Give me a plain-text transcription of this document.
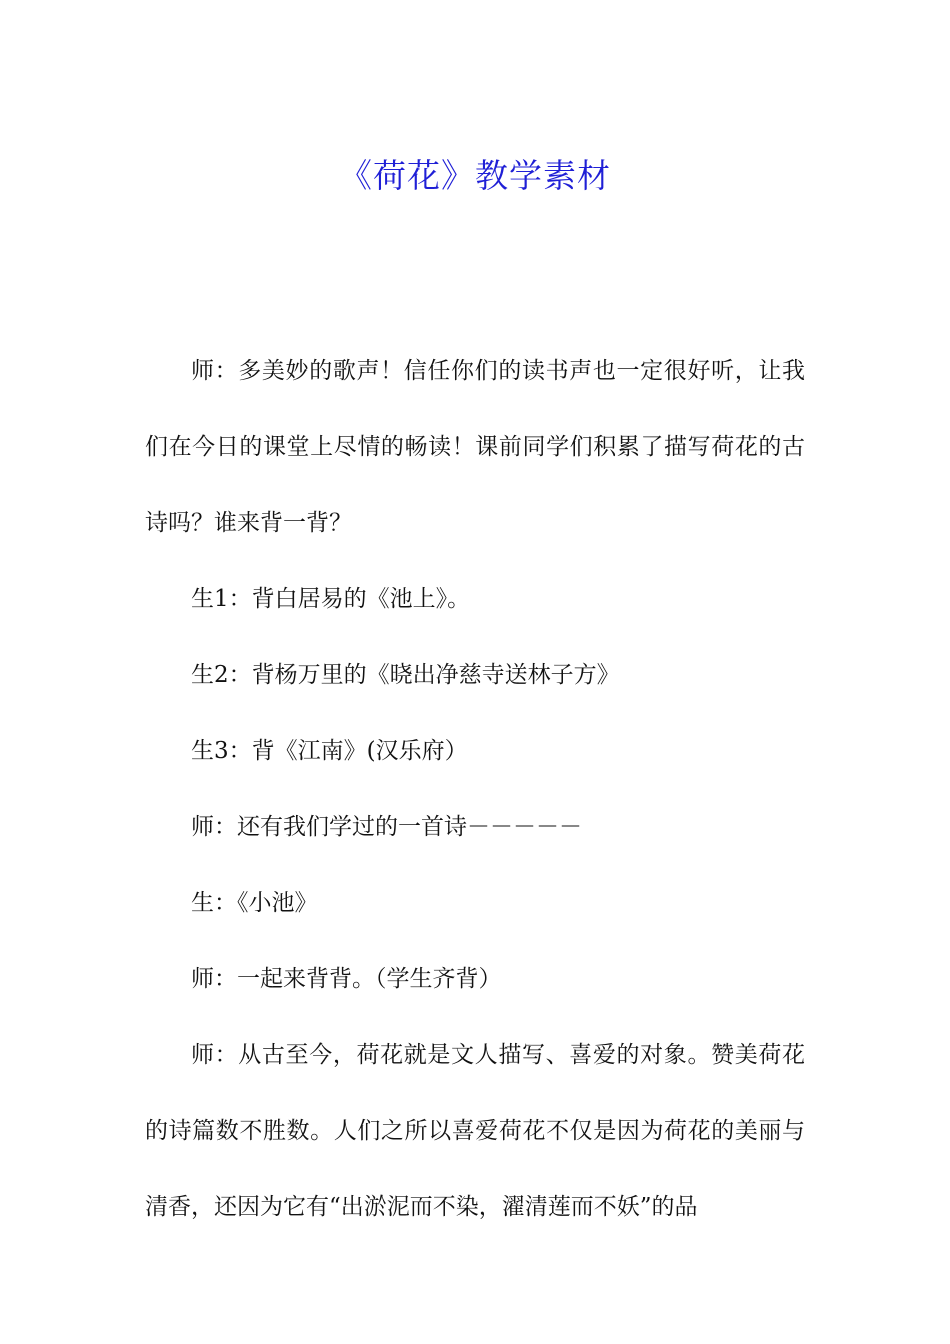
《荷花》教学素材

师：多美妙的歌声！信任你们的读书声也一定很好听，让我们在今日的课堂上尽情的畅读！课前同学们积累了描写荷花的古诗吗？谁来背一背？

生1：背白居易的《池上》。

生2：背杨万里的《晓出净慈寺送林子方》

生3：背《江南》(汉乐府）

师：还有我们学过的一首诗－－－－－

生：《小池》

师：一起来背背。（学生齐背）

师：从古至今，荷花就是文人描写、喜爱的对象。赞美荷花的诗篇数不胜数。人们之所以喜爱荷花不仅是因为荷花的美丽与清香，还因为它有“出淤泥而不染，濯清莲而不妖”的品
